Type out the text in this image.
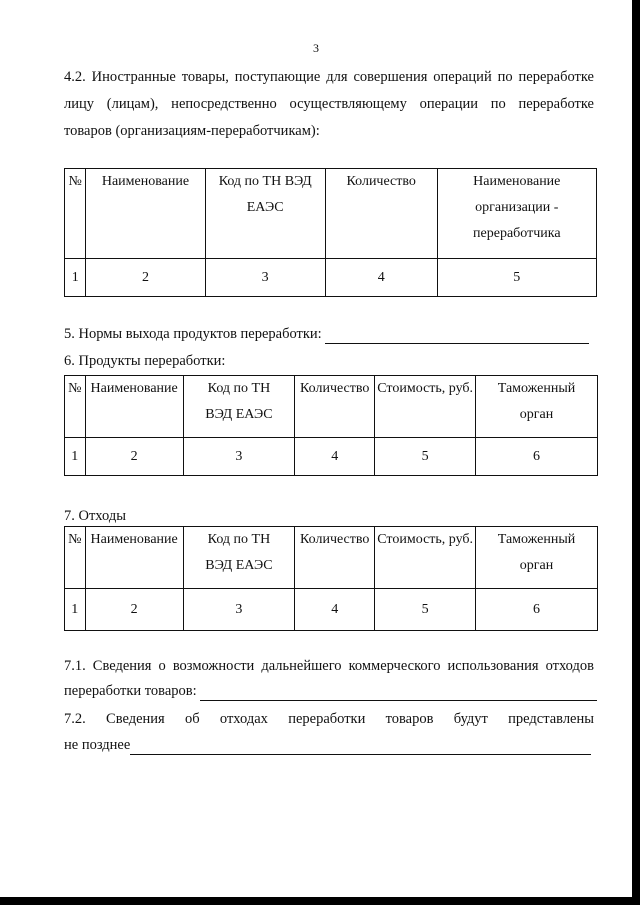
3
4.2. Иностранные товары, поступающие для совершения операций по переработке
лицу (лицам), непосредственно осуществляющему операции по переработке
товаров (организациям-переработчикам):
№	Наименование	Код по ТН ВЭД ЕАЭС	Количество	Наименование организации - переработчика
1	2	3	4	5
5. Нормы выхода продуктов переработки:
6. Продукты переработки:
№	Наименование	Код по ТН ВЭД ЕАЭС	Количество	Стоимость, руб.	Таможенный орган
1	2	3	4	5	6
7. Отходы
№	Наименование	Код по ТН ВЭД ЕАЭС	Количество	Стоимость, руб.	Таможенный орган
1	2	3	4	5	6
7.1. Сведения о возможности дальнейшего коммерческого использования отходов
переработки товаров:
7.2. Сведения об отходах переработки товаров будут представлены
не позднее
